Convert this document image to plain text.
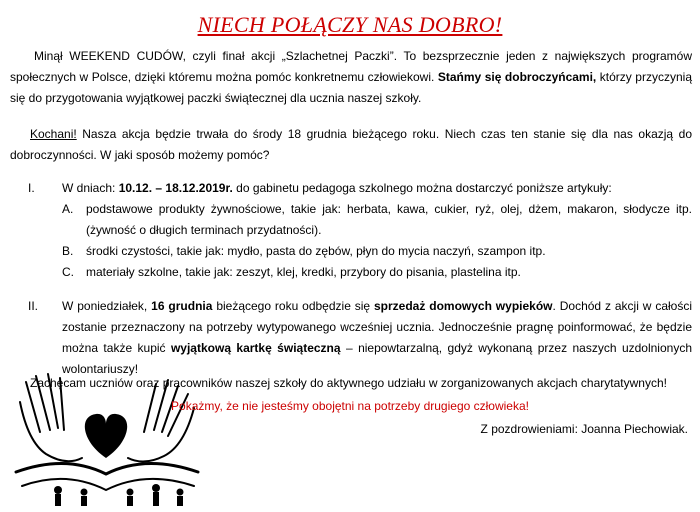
NIECH POŁĄCZY NAS DOBRO!
Minął WEEKEND CUDÓW, czyli finał akcji „Szlachetnej Paczki”. To bezsprzecznie jeden z największych programów społecznych w Polsce, dzięki któremu można pomóc konkretnemu człowiekowi. Stańmy się dobroczyńcami, którzy przyczynią się do przygotowania wyjątkowej paczki świątecznej dla ucznia naszej szkoły.
Kochani! Nasza akcja będzie trwała do środy 18 grudnia bieżącego roku. Niech czas ten stanie się dla nas okazją do dobroczynności. W jaki sposób możemy pomóc?
I.	W dniach: 10.12. – 18.12.2019r. do gabinetu pedagoga szkolnego można dostarczyć poniższe artykuły:
A.	podstawowe produkty żywnościowe, takie jak: herbata, kawa, cukier, ryż, olej, dżem, makaron, słodycze itp. (żywność o długich terminach przydatności).
B.	środki czystości, takie jak: mydło, pasta do zębów, płyn do mycia naczyń, szampon itp.
C.	materiały szkolne, takie jak: zeszyt, klej, kredki, przybory do pisania, plastelina itp.
II.	W poniedziałek, 16 grudnia bieżącego roku odbędzie się sprzedaż domowych wypieków. Dochód z akcji w całości zostanie przeznaczony na potrzeby wytypowanego wcześniej ucznia. Jednocześnie pragnę poinformować, że będzie można także kupić wyjątkową kartkę świąteczną – niepowtarzalną, gdyż wykonaną przez naszych uzdolnionych wolontariuszy!
Zachęcam uczniów oraz pracowników naszej szkoły do aktywnego udziału w zorganizowanych akcjach charytatywnych!
Pokażmy, że nie jesteśmy obojętni na potrzeby drugiego człowieka!
Z pozdrowieniami: Joanna Piechowiak.
